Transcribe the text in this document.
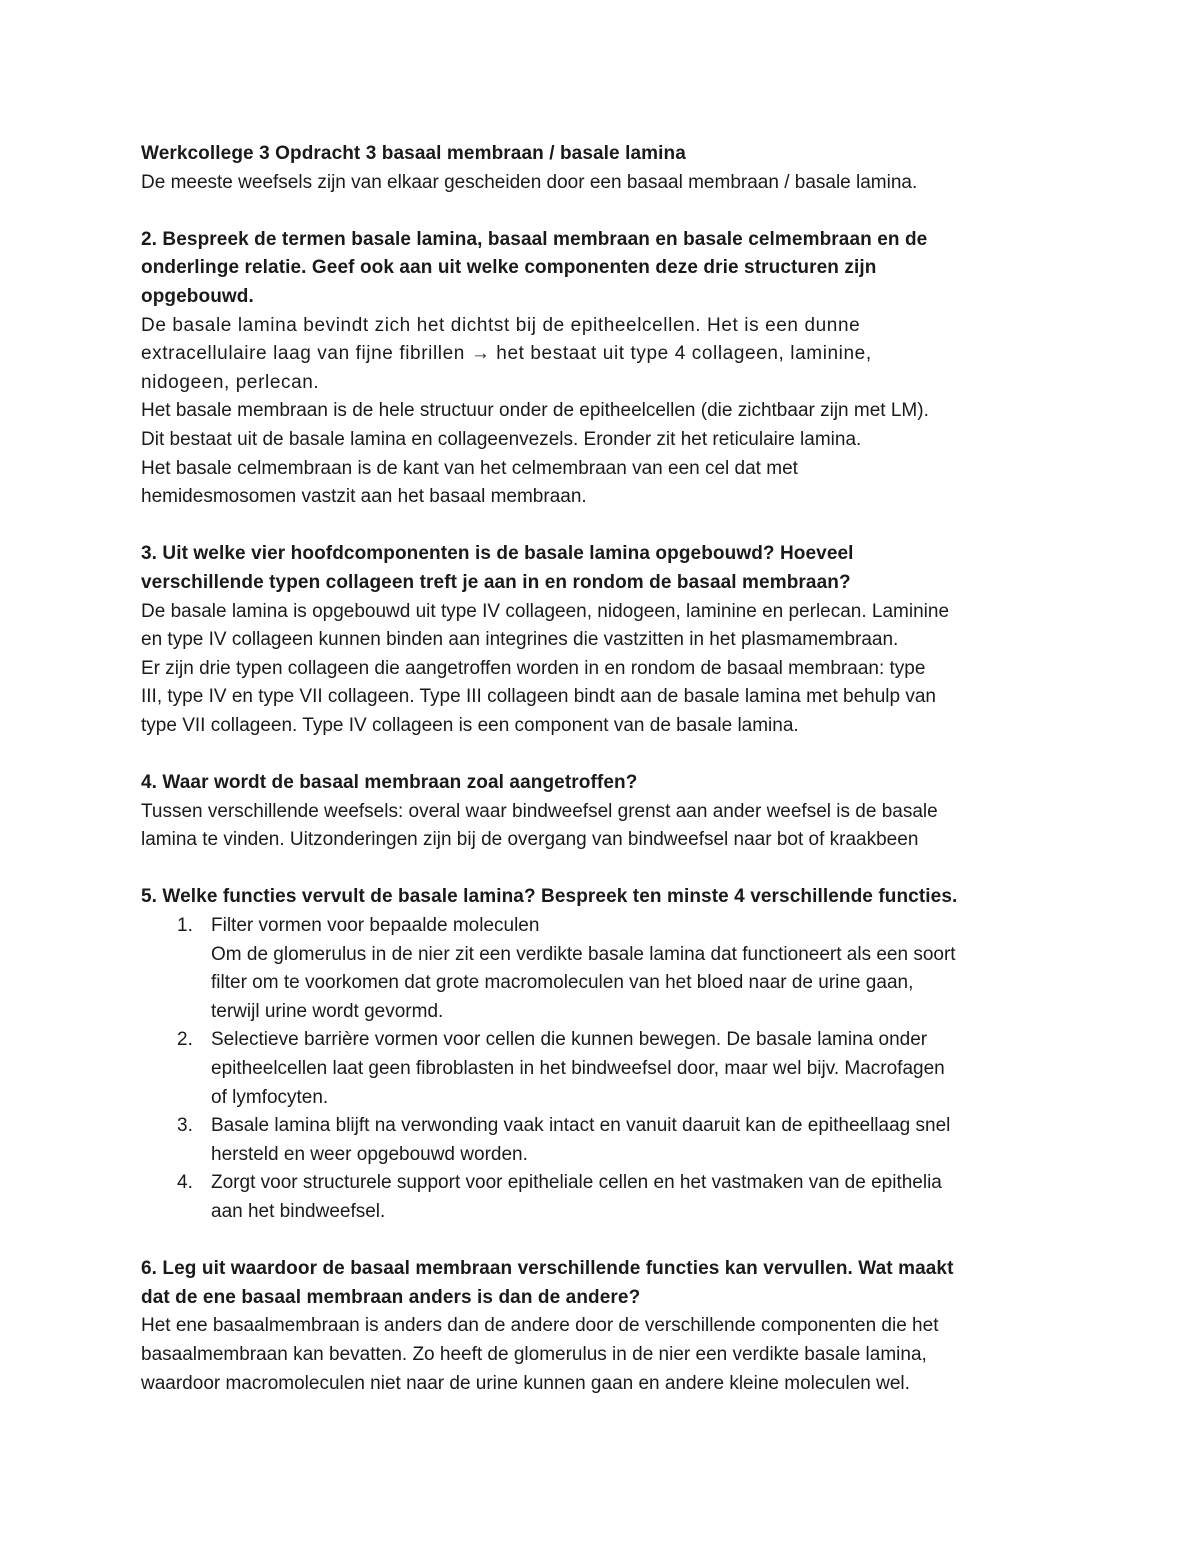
Werkcollege 3 Opdracht 3 basaal membraan / basale lamina

De meeste weefsels zijn van elkaar gescheiden door een basaal membraan / basale lamina.

2. Bespreek de termen basale lamina, basaal membraan en basale celmembraan en de

onderlinge relatie. Geef ook aan uit welke componenten deze drie structuren zijn

opgebouwd.

De basale lamina bevindt zich het dichtst bij de epitheelcellen. Het is een dunne

extracellulaire laag van fijne fibrillen → het bestaat uit type 4 collageen, laminine,

nidogeen, perlecan.

Het basale membraan is de hele structuur onder de epitheelcellen (die zichtbaar zijn met LM).

Dit bestaat uit de basale lamina en collageenvezels. Eronder zit het reticulaire lamina.

Het basale celmembraan is de kant van het celmembraan van een cel dat met

hemidesmosomen vastzit aan het basaal membraan.

3. Uit welke vier hoofdcomponenten is de basale lamina opgebouwd? Hoeveel

verschillende typen collageen treft je aan in en rondom de basaal membraan?

De basale lamina is opgebouwd uit type IV collageen, nidogeen, laminine en perlecan. Laminine

en type IV collageen kunnen binden aan integrines die vastzitten in het plasmamembraan.

Er zijn drie typen collageen die aangetroffen worden in en rondom de basaal membraan: type

III, type IV en type VII collageen. Type III collageen bindt aan de basale lamina met behulp van

type VII collageen. Type IV collageen is een component van de basale lamina.

4. Waar wordt de basaal membraan zoal aangetroffen?

Tussen verschillende weefsels: overal waar bindweefsel grenst aan ander weefsel is de basale

lamina te vinden. Uitzonderingen zijn bij de overgang van bindweefsel naar bot of kraakbeen

5. Welke functies vervult de basale lamina? Bespreek ten minste 4 verschillende functies.

1. Filter vormen voor bepaalde moleculen

Om de glomerulus in de nier zit een verdikte basale lamina dat functioneert als een soort

filter om te voorkomen dat grote macromoleculen van het bloed naar de urine gaan,

terwijl urine wordt gevormd.

2. Selectieve barrière vormen voor cellen die kunnen bewegen. De basale lamina onder

epitheelcellen laat geen fibroblasten in het bindweefsel door, maar wel bijv. Macrofagen

of lymfocyten.

3. Basale lamina blijft na verwonding vaak intact en vanuit daaruit kan de epitheellaag snel

hersteld en weer opgebouwd worden.

4. Zorgt voor structurele support voor epitheliale cellen en het vastmaken van de epithelia

aan het bindweefsel.

6. Leg uit waardoor de basaal membraan verschillende functies kan vervullen. Wat maakt

dat de ene basaal membraan anders is dan de andere?

Het ene basaalmembraan is anders dan de andere door de verschillende componenten die het

basaalmembraan kan bevatten. Zo heeft de glomerulus in de nier een verdikte basale lamina,

waardoor macromoleculen niet naar de urine kunnen gaan en andere kleine moleculen wel.
